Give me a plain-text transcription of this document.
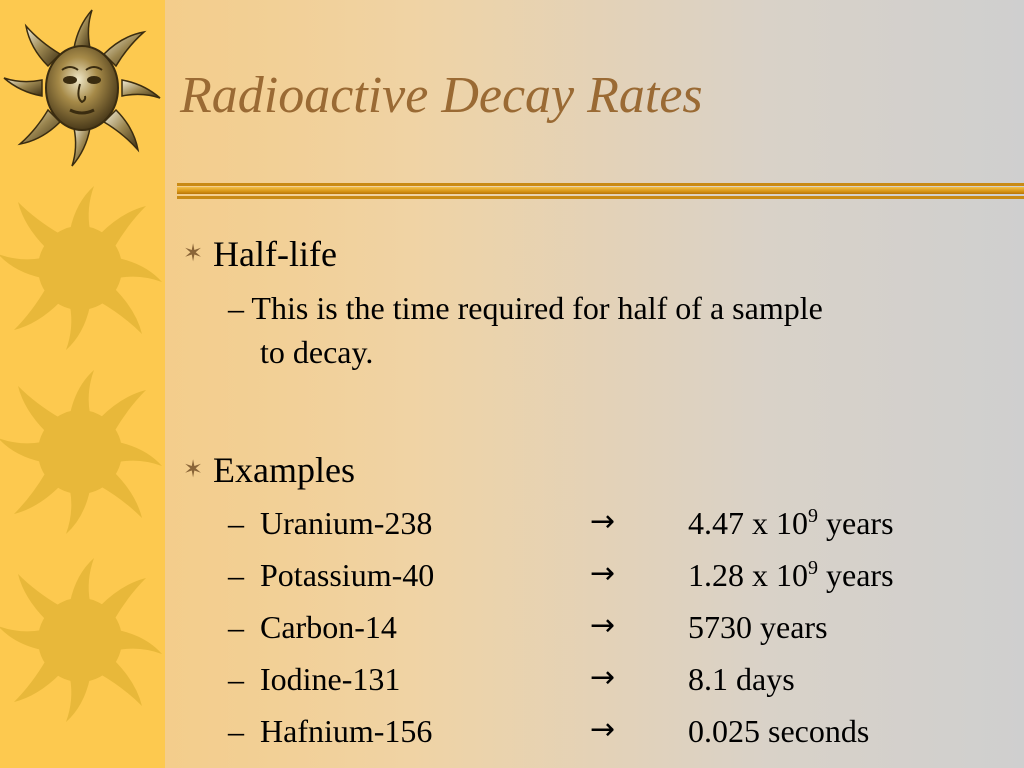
Radioactive Decay Rates
✶ Half-life
– This is the time required for half of a sample
to decay.
✶ Examples
– Uranium-238	→ 4.47 x $10^9$ years
– Potassium-40	→ 1.28 x $10^9$ years
– Carbon-14	→ 5730 years
– Iodine-131	→ 8.1 days
– Hafnium-156	→ 0.025 seconds
